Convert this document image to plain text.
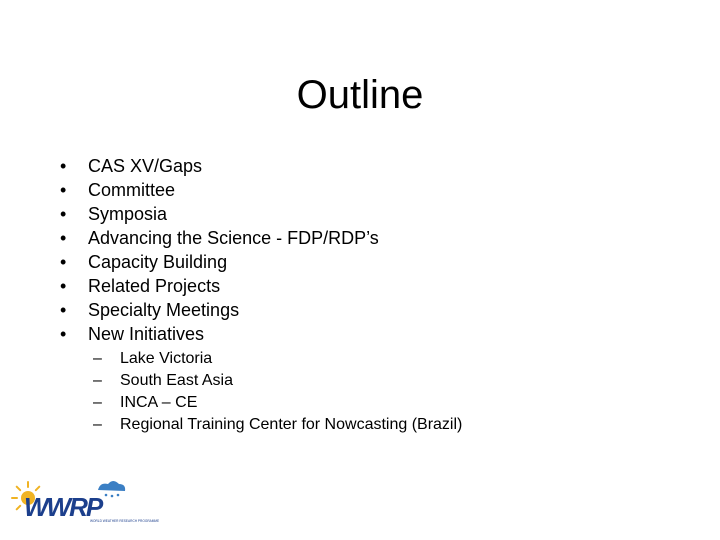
Outline
•	CAS XV/Gaps
•	Committee
•	Symposia
•	Advancing the Science - FDP/RDP’s
•	Capacity Building
•	Related Projects
•	Specialty Meetings
•	New Initiatives
– Lake Victoria
– South East Asia
– INCA – CE
– Regional Training Center for Nowcasting (Brazil)
WWRP
WORLD WEATHER RESEARCH PROGRAMME
